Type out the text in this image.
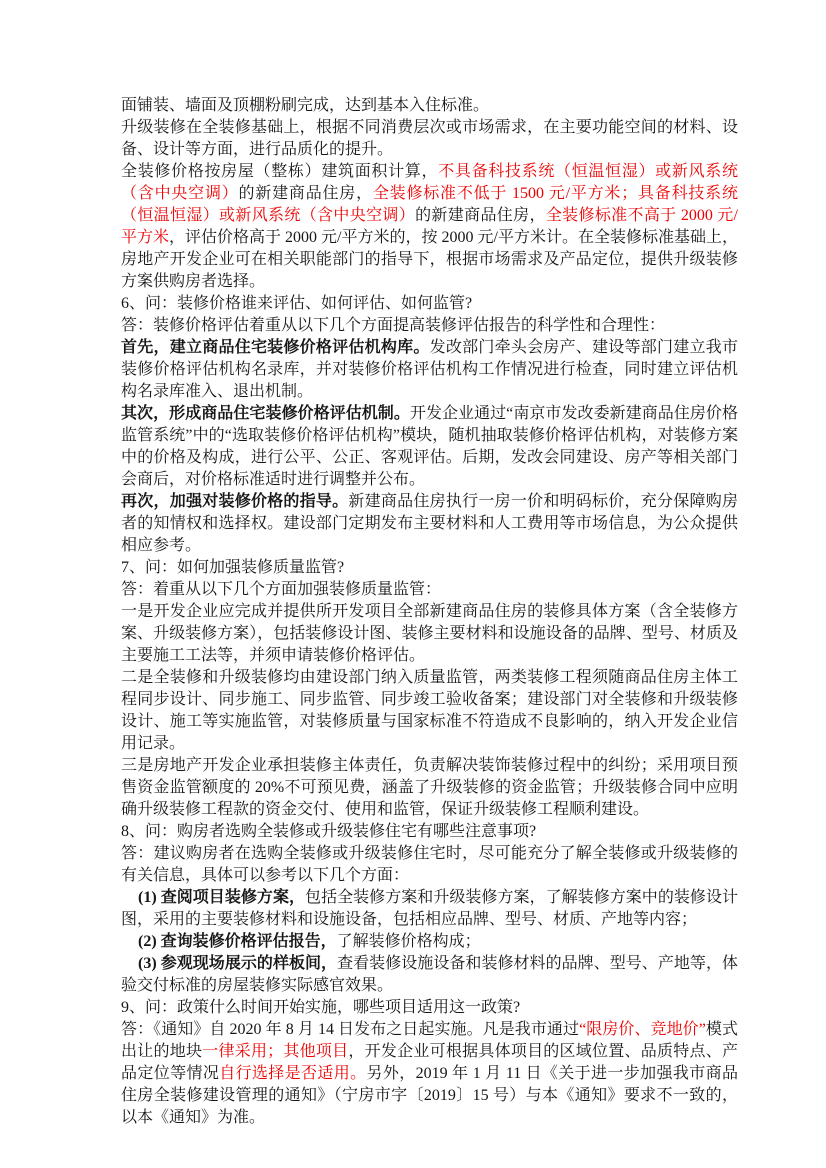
面铺装、墙面及顶棚粉刷完成，达到基本入住标准。

升级装修在全装修基础上，根据不同消费层次或市场需求，在主要功能空间的材料、设备、设计等方面，进行品质化的提升。

全装修价格按房屋（整栋）建筑面积计算，不具备科技系统（恒温恒湿）或新风系统（含中央空调）的新建商品住房，全装修标准不低于 1500 元/平方米；具备科技系统（恒温恒湿）或新风系统（含中央空调）的新建商品住房，全装修标准不高于 2000 元/平方米，评估价格高于 2000 元/平方米的，按 2000 元/平方米计。在全装修标准基础上，房地产开发企业可在相关职能部门的指导下，根据市场需求及产品定位，提供升级装修方案供购房者选择。

6、问：装修价格谁来评估、如何评估、如何监管?

答：装修价格评估着重从以下几个方面提高装修评估报告的科学性和合理性：

首先，建立商品住宅装修价格评估机构库。发改部门牵头会房产、建设等部门建立我市装修价格评估机构名录库，并对装修价格评估机构工作情况进行检查，同时建立评估机构名录库准入、退出机制。

其次，形成商品住宅装修价格评估机制。开发企业通过“南京市发改委新建商品住房价格监管系统”中的“选取装修价格评估机构”模块，随机抽取装修价格评估机构，对装修方案中的价格及构成，进行公平、公正、客观评估。后期，发改会同建设、房产等相关部门会商后，对价格标准适时进行调整并公布。

再次，加强对装修价格的指导。新建商品住房执行一房一价和明码标价，充分保障购房者的知情权和选择权。建设部门定期发布主要材料和人工费用等市场信息，为公众提供相应参考。

7、问：如何加强装修质量监管?

答：着重从以下几个方面加强装修质量监管：

一是开发企业应完成并提供所开发项目全部新建商品住房的装修具体方案（含全装修方案、升级装修方案），包括装修设计图、装修主要材料和设施设备的品牌、型号、材质及主要施工工法等，并须申请装修价格评估。

二是全装修和升级装修均由建设部门纳入质量监管，两类装修工程须随商品住房主体工程同步设计、同步施工、同步监管、同步竣工验收备案；建设部门对全装修和升级装修设计、施工等实施监管，对装修质量与国家标准不符造成不良影响的，纳入开发企业信用记录。

三是房地产开发企业承担装修主体责任，负责解决装饰装修过程中的纠纷；采用项目预售资金监管额度的 20%不可预见费，涵盖了升级装修的资金监管；升级装修合同中应明确升级装修工程款的资金交付、使用和监管，保证升级装修工程顺利建设。

8、问：购房者选购全装修或升级装修住宅有哪些注意事项?

答：建议购房者在选购全装修或升级装修住宅时，尽可能充分了解全装修或升级装修的有关信息，具体可以参考以下几个方面：

(1) 查阅项目装修方案，包括全装修方案和升级装修方案，了解装修方案中的装修设计图，采用的主要装修材料和设施设备，包括相应品牌、型号、材质、产地等内容；

(2) 查询装修价格评估报告，了解装修价格构成；

(3) 参观现场展示的样板间，查看装修设施设备和装修材料的品牌、型号、产地等，体验交付标准的房屋装修实际感官效果。

9、问：政策什么时间开始实施，哪些项目适用这一政策?

答：《通知》自 2020 年 8 月 14 日发布之日起实施。凡是我市通过“限房价、竞地价”模式出让的地块一律采用；其他项目，开发企业可根据具体项目的区域位置、品质特点、产品定位等情况自行选择是否适用。另外，2019 年 1 月 11 日《关于进一步加强我市商品住房全装修建设管理的通知》（宁房市字〔2019〕15 号）与本《通知》要求不一致的，以本《通知》为准。
